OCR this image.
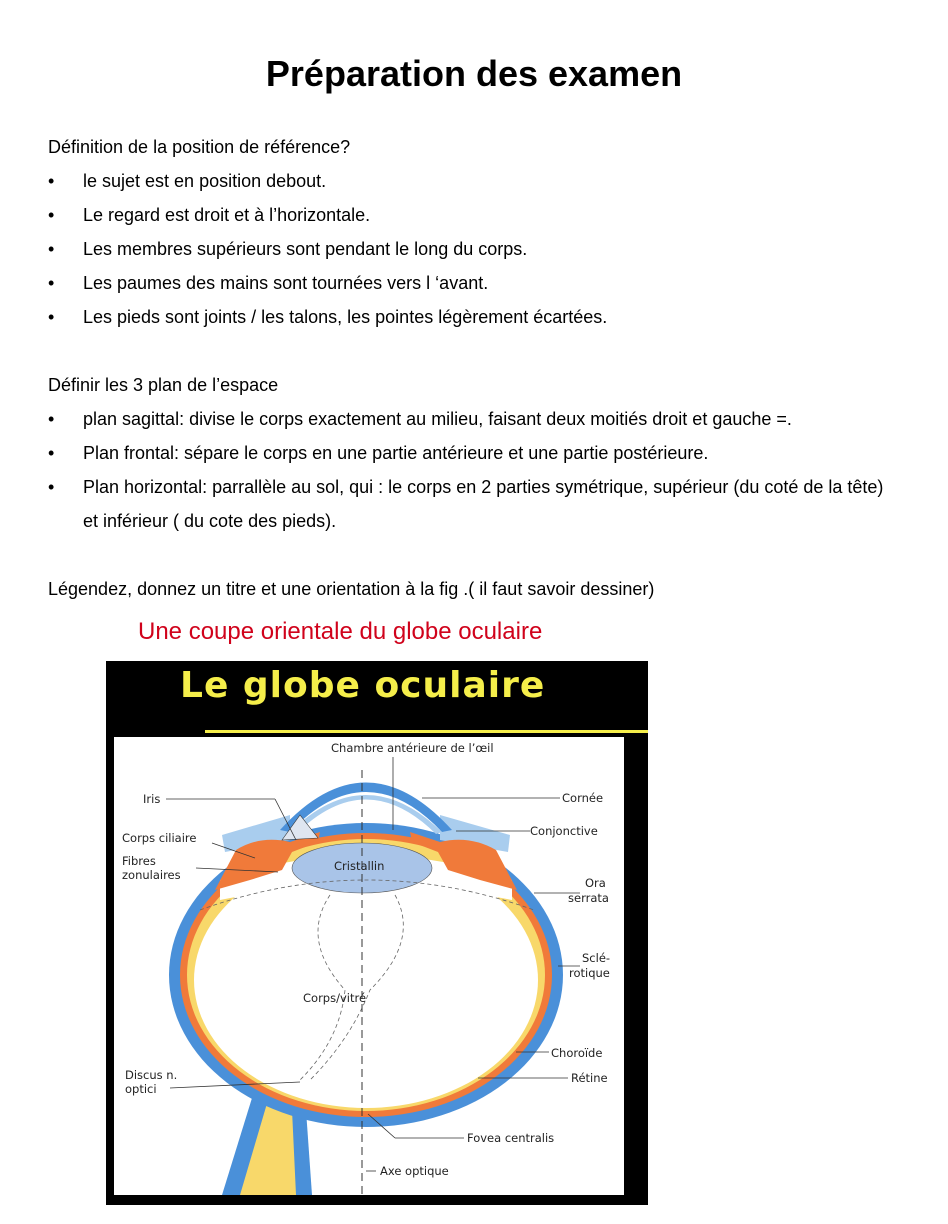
Préparation des examen
Définition de la position de référence?
• le sujet est en position debout.
• Le regard est droit et à l’horizontale.
• Les membres supérieurs sont pendant le long du corps.
• Les paumes des mains sont tournées vers l ‘avant.
• Les pieds sont joints / les talons, les pointes légèrement écartées.
Définir les 3 plan de l’espace
• plan sagittal: divise le corps exactement au milieu, faisant deux moitiés droit et gauche =.
• Plan frontal: sépare le corps en une partie antérieure et une partie postérieure.
• Plan horizontal: parrallèle au sol, qui : le corps en 2 parties symétrique, supérieur (du coté de la tête) et inférieur ( du cote des pieds).
Légendez, donnez un titre et une orientation à la fig .( il faut savoir dessiner)
Une coupe orientale du globe oculaire
Le globe oculaire
Chambre antérieure de l’œil
Iris	Cornée
Corps ciliaire	Conjonctive
Fibres
zonulaires
Cristallin
Ora
serrata
Sclé-
rotique
Corps/vitré
Choroïde
Rétine
Discus n.
optici
Fovea centralis
Axe optique
